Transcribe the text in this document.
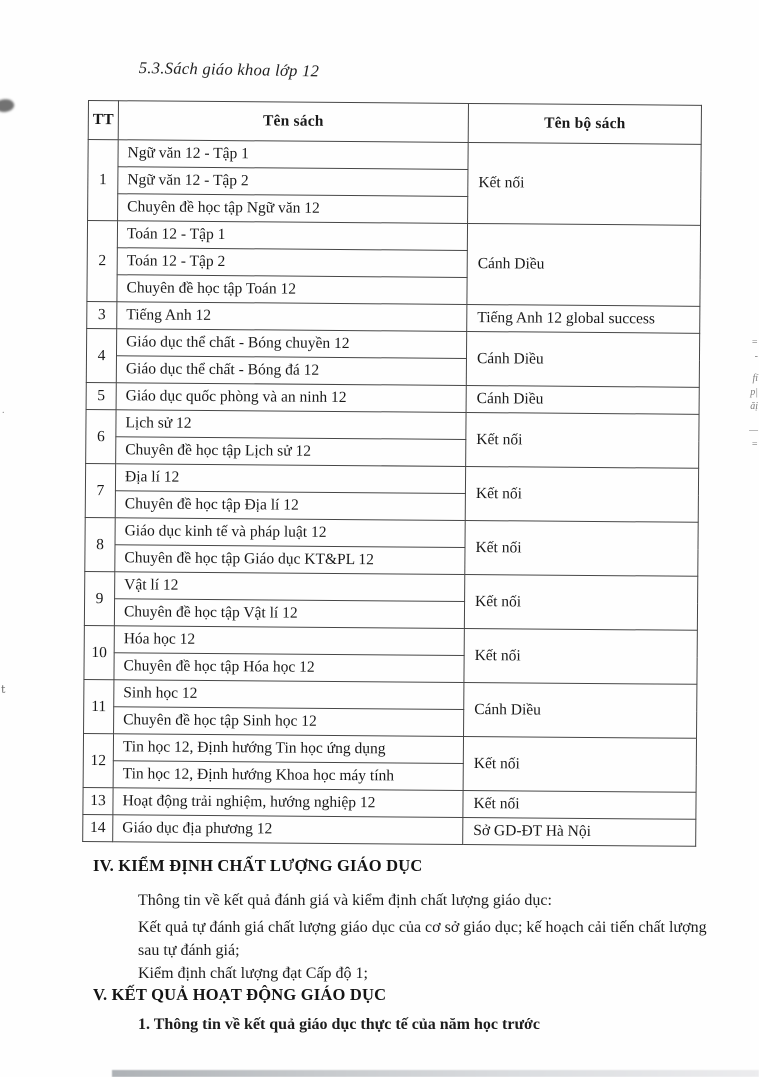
5.3.Sách giáo khoa lớp 12
TT	Tên sách	Tên bộ sách
1	Ngữ văn 12 - Tập 1	Kết nối
	Ngữ văn 12 - Tập 2	
	Chuyên đề học tập Ngữ văn 12	
2	Toán 12 - Tập 1	Cánh Diều
	Toán 12 - Tập 2	
	Chuyên đề học tập Toán 12	
3	Tiếng Anh 12	Tiếng Anh 12 global success
4	Giáo dục thể chất - Bóng chuyền 12	Cánh Diều
	Giáo dục thể chất - Bóng đá 12	
5	Giáo dục quốc phòng và an ninh 12	Cánh Diều
6	Lịch sử 12	Kết nối
	Chuyên đề học tập Lịch sử 12	
7	Địa lí 12	Kết nối
	Chuyên đề học tập Địa lí 12	
8	Giáo dục kinh tế và pháp luật 12	Kết nối
	Chuyên đề học tập Giáo dục KT&PL 12	
9	Vật lí 12	Kết nối
	Chuyên đề học tập Vật lí 12	
10	Hóa học 12	Kết nối
	Chuyên đề học tập Hóa học 12	
11	Sinh học 12	Cánh Diều
	Chuyên đề học tập Sinh học 12	
12	Tin học 12, Định hướng Tin học ứng dụng	Kết nối
	Tin học 12, Định hướng Khoa học máy tính	
13	Hoạt động trải nghiệm, hướng nghiệp 12	Kết nối
14	Giáo dục địa phương 12	Sở GD-ĐT Hà Nội
IV. KIỂM ĐỊNH CHẤT LƯỢNG GIÁO DỤC
Thông tin về kết quả đánh giá và kiểm định chất lượng giáo dục:
Kết quả tự đánh giá chất lượng giáo dục của cơ sở giáo dục; kế hoạch cải tiến chất lượng sau tự đánh giá;
Kiểm định chất lượng đạt Cấp độ 1;
V. KẾT QUẢ HOẠT ĐỘNG GIÁO DỤC
1. Thông tin về kết quả giáo dục thực tế của năm học trước
.
t
=
-
fí
p|
ăị
—
=
